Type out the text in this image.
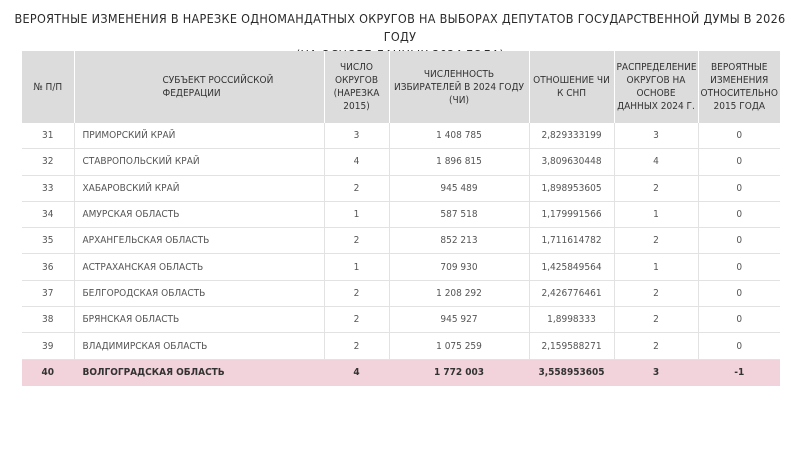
ВЕРОЯТНЫЕ ИЗМЕНЕНИЯ В НАРЕЗКЕ ОДНОМАНДАТНЫХ ОКРУГОВ НА ВЫБОРАХ ДЕПУТАТОВ ГОСУДАРСТВЕННОЙ ДУМЫ В 2026 ГОДУ
№ П/П	СУБЪЕКТ РОССИЙСКОЙ ФЕДЕРАЦИИ	ЧИСЛО ОКРУГОВ (НАРЕЗКА 2015)	ЧИСЛЕННОСТЬ ИЗБИРАТЕЛЕЙ В 2024 ГОДУ (ЧИ)	ОТНОШЕНИЕ ЧИ К СНП	РАСПРЕДЕЛЕНИЕ ОКРУГОВ НА ОСНОВЕ ДАННЫХ 2024 Г.	ВЕРОЯТНЫЕ ИЗМЕНЕНИЯ ОТНОСИТЕЛЬНО 2015 ГОДА
31	ПРИМОРСКИЙ КРАЙ	3	1 408 785	2,829333199	3	0
32	СТАВРОПОЛЬСКИЙ КРАЙ	4	1 896 815	3,809630448	4	0
33	ХАБАРОВСКИЙ КРАЙ	2	945 489	1,898953605	2	0
34	АМУРСКАЯ ОБЛАСТЬ	1	587 518	1,179991566	1	0
35	АРХАНГЕЛЬСКАЯ ОБЛАСТЬ	2	852 213	1,711614782	2	0
36	АСТРАХАНСКАЯ ОБЛАСТЬ	1	709 930	1,425849564	1	0
37	БЕЛГОРОДСКАЯ ОБЛАСТЬ	2	1 208 292	2,426776461	2	0
38	БРЯНСКАЯ ОБЛАСТЬ	2	945 927	1,8998333	2	0
39	ВЛАДИМИРСКАЯ ОБЛАСТЬ	2	1 075 259	2,159588271	2	0
40	ВОЛГОГРАДСКАЯ ОБЛАСТЬ	4	1 772 003	3,558953605	3	-1
